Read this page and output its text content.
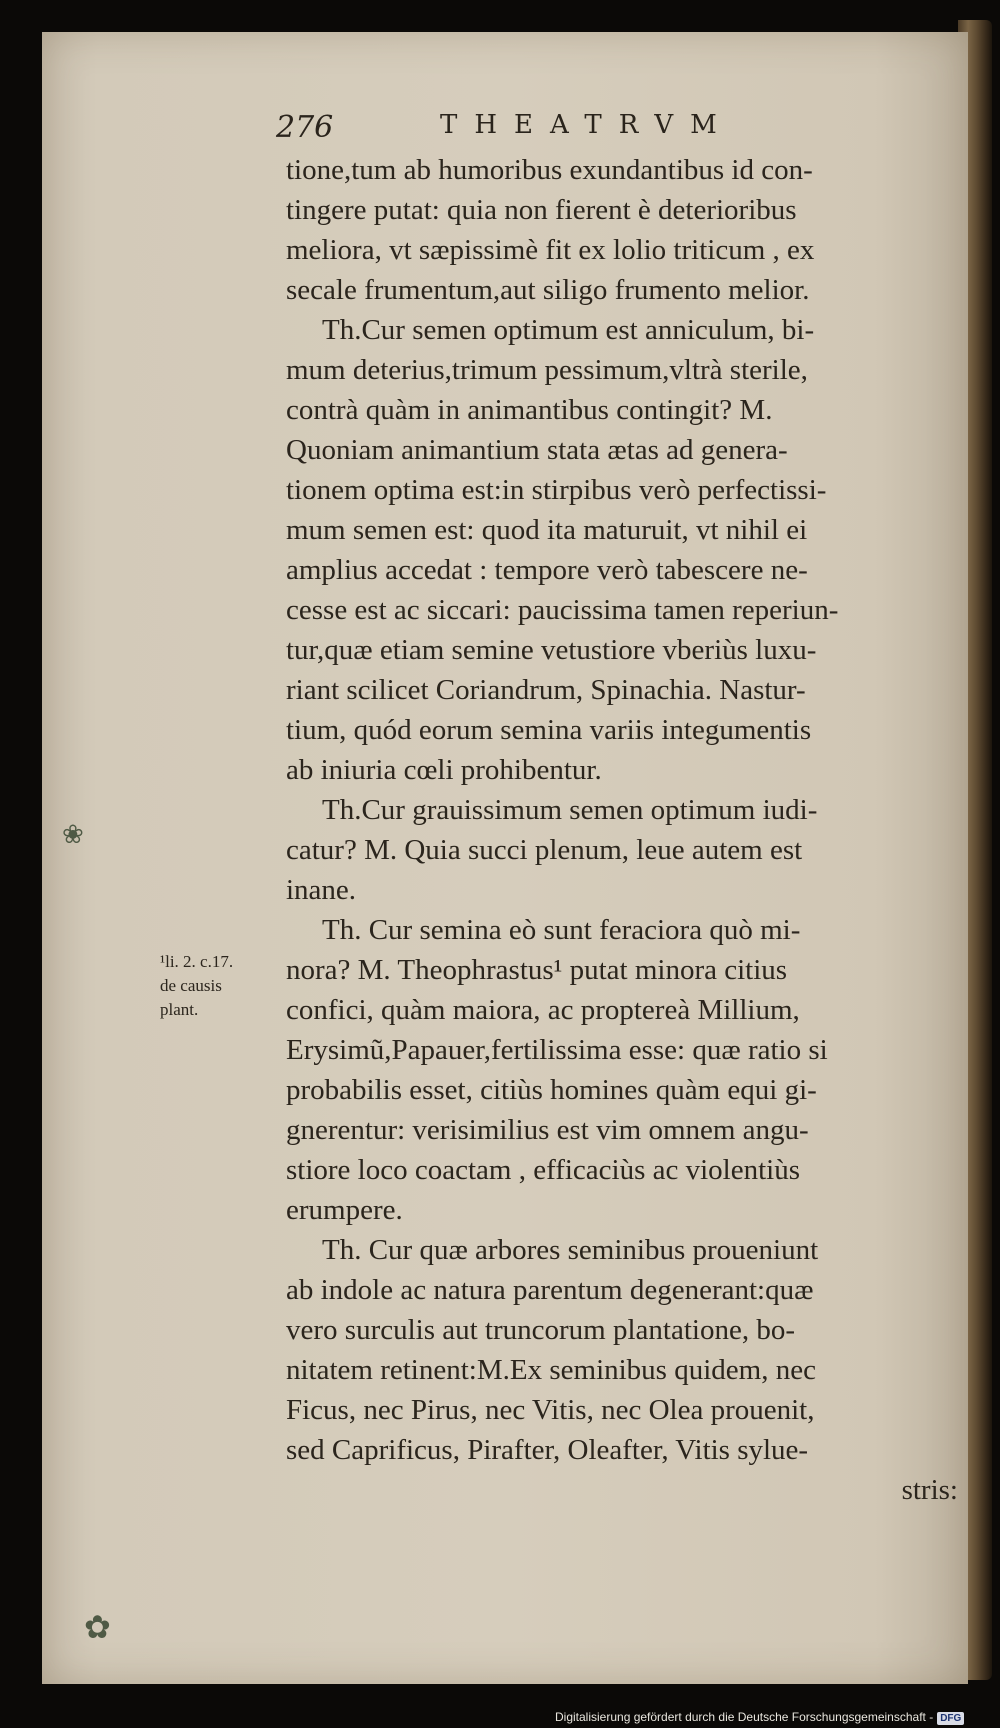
276	THEATRVM
tione,tum ab humoribus exundantibus id con-
tingere putat: quia non fierent è deterioribus
meliora, vt sæpissimè fit ex lolio triticum , ex
secale frumentum,aut siligo frumento melior.
Th.Cur semen optimum est anniculum, bi-
mum deterius,trimum pessimum,vltrà sterile,
contrà quàm in animantibus contingit? M.
Quoniam animantium stata ætas ad genera-
tionem optima est:in stirpibus verò perfectissi-
mum semen est: quod ita maturuit, vt nihil ei
amplius accedat : tempore verò tabescere ne-
cesse est ac siccari: paucissima tamen reperiun-
tur,quæ etiam semine vetustiore vberiùs luxu-
riant scilicet Coriandrum, Spinachia. Nastur-
tium, quód eorum semina variis integumentis
ab iniuria cœli prohibentur.
Th.Cur grauissimum semen optimum iudi-
catur? M. Quia succi plenum, leue autem est
inane.
Th. Cur semina eò sunt feraciora quò mi-
nora? M. Theophrastus¹ putat minora citius
confici, quàm maiora, ac proptereà Millium,
Erysimũ,Papauer,fertilissima esse: quæ ratio si
probabilis esset, citiùs homines quàm equi gi-
gnerentur: verisimilius est vim omnem angu-
stiore loco coactam , efficaciùs ac violentiùs
erumpere.
Th. Cur quæ arbores seminibus proueniunt
ab indole ac natura parentum degenerant:quæ
vero surculis aut truncorum plantatione, bo-
nitatem retinent:M.Ex seminibus quidem, nec
Ficus, nec Pirus, nec Vitis, nec Olea prouenit,
sed Caprificus, Pirafter, Oleafter, Vitis sylue-
stris:
¹li. 2. c.17.
de causis
plant.
❀
✿
Digitalisierung gefördert durch die Deutsche Forschungsgemeinschaft - DFG
